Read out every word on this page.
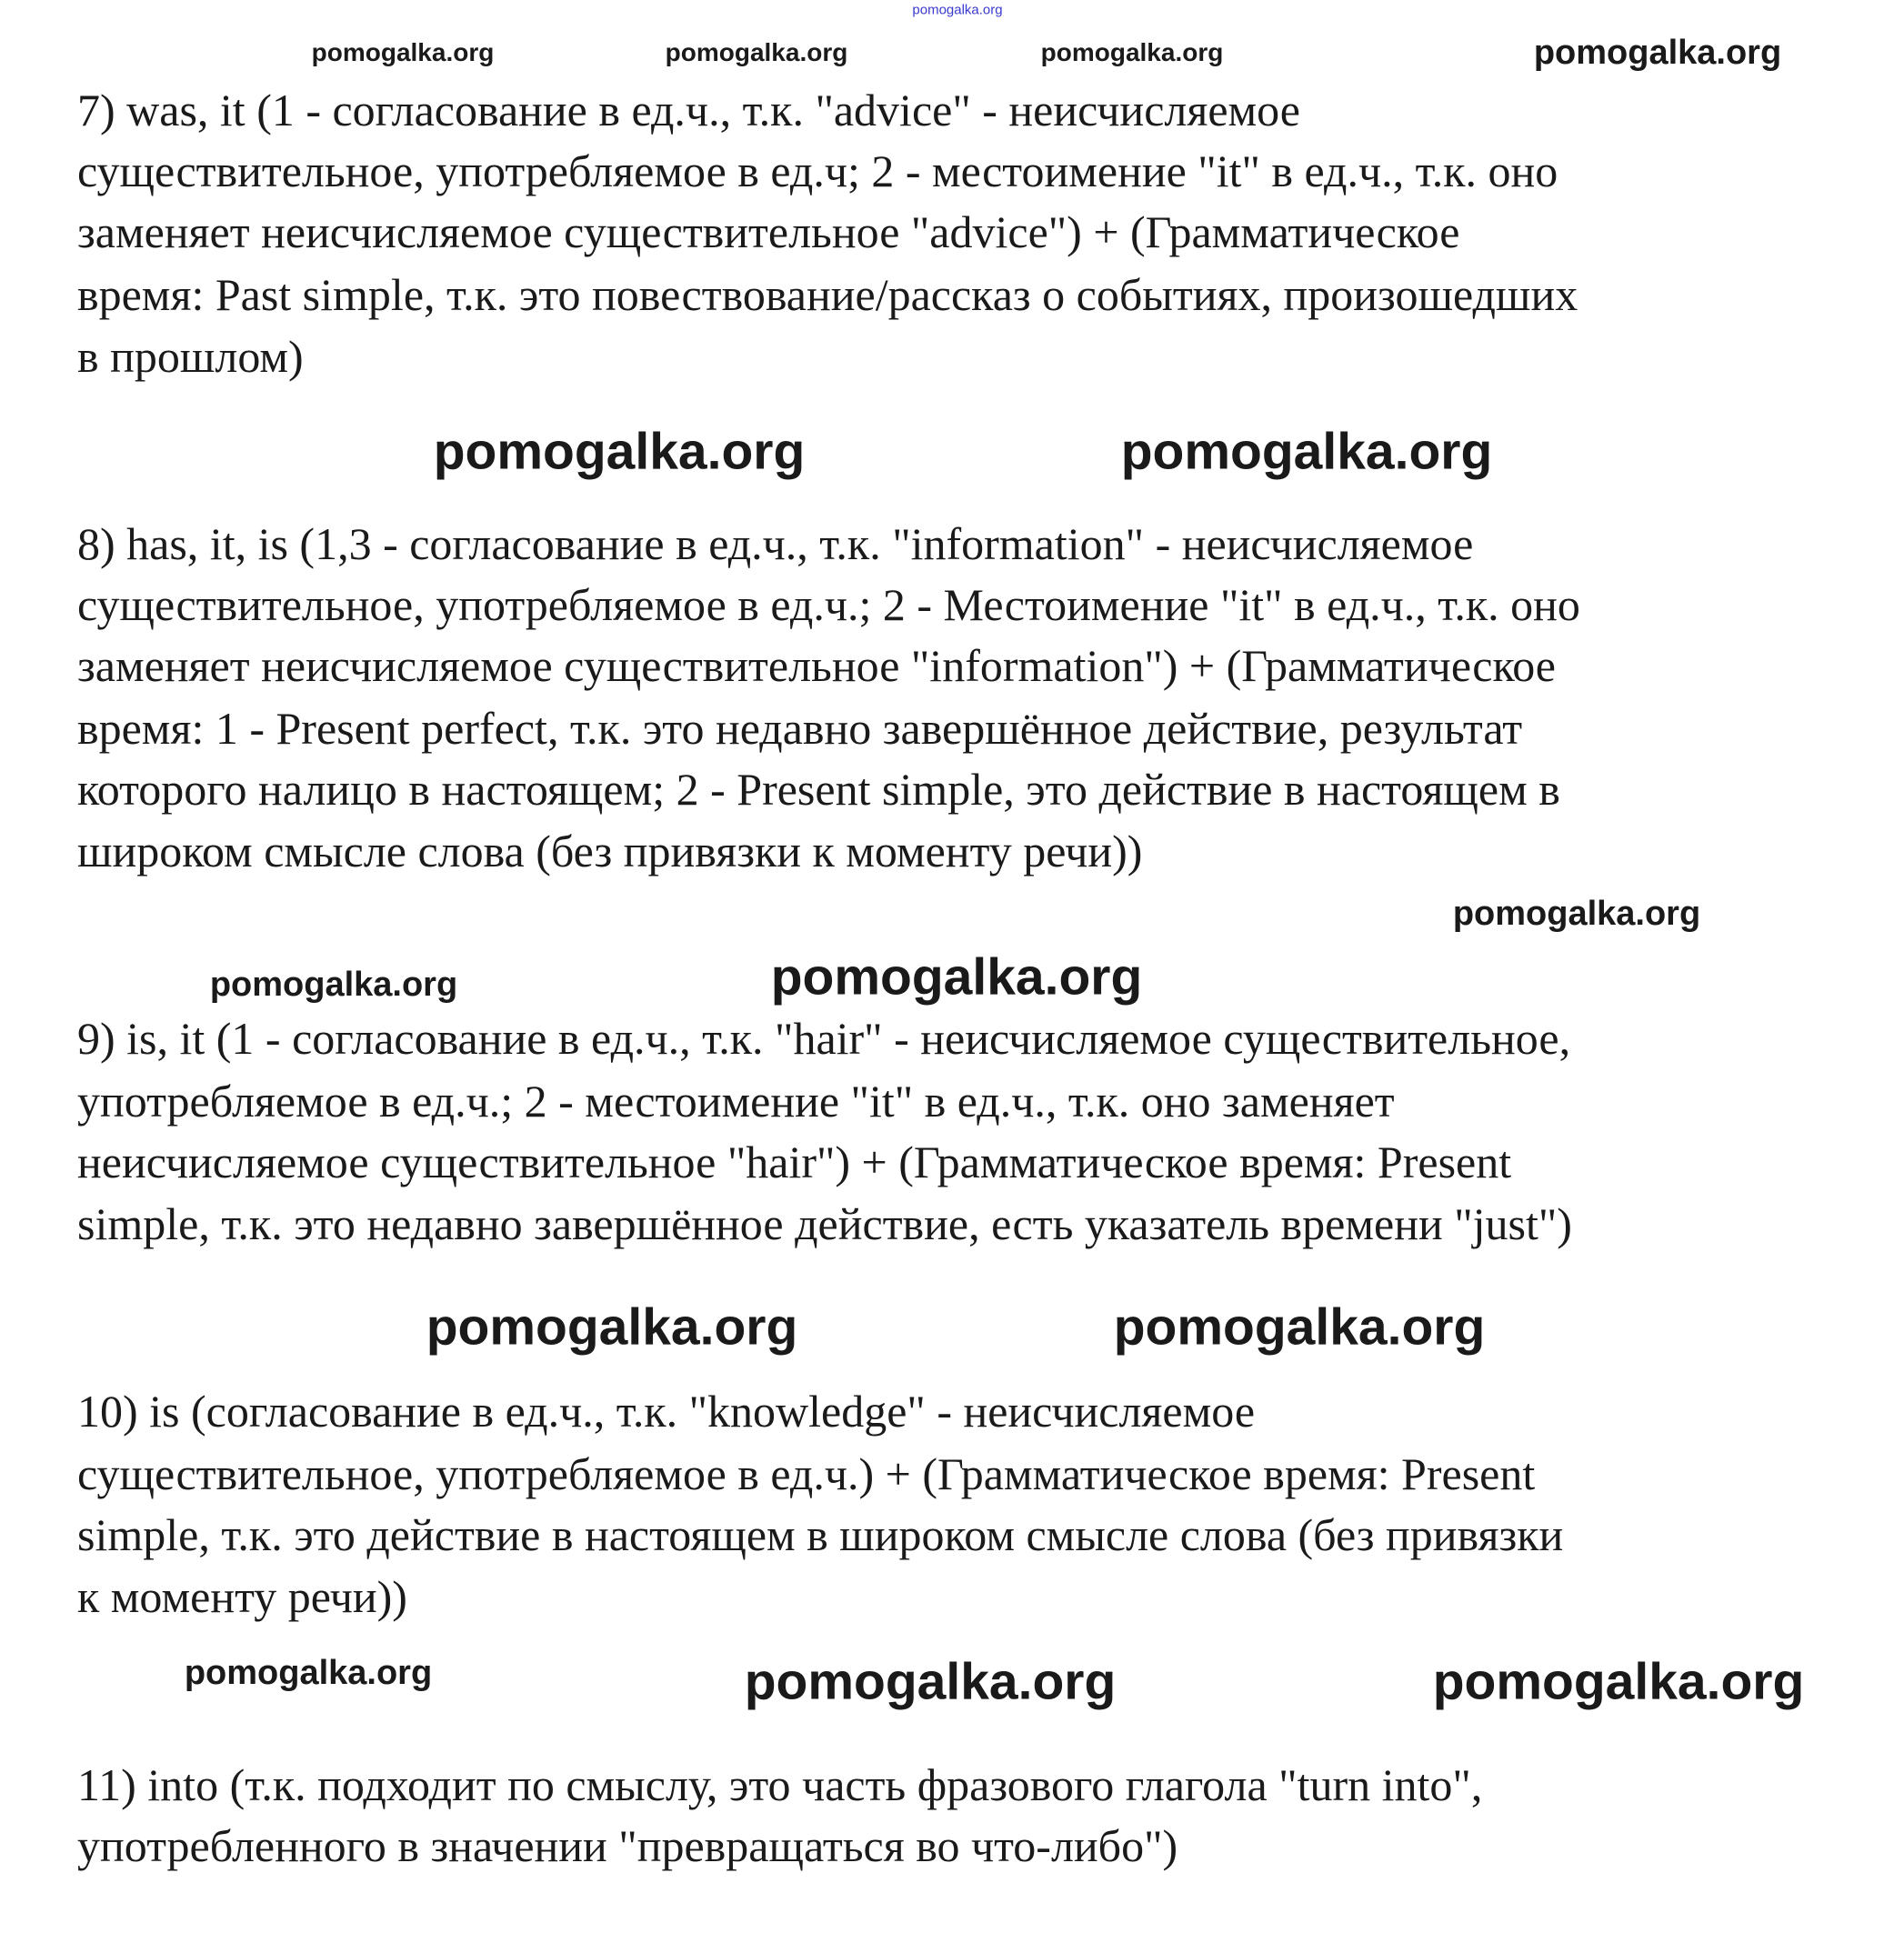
pomogalka.org
pomogalka.org	pomogalka.org	pomogalka.org	pomogalka.org
pomogalka.org	pomogalka.org
pomogalka.org
pomogalka.org	pomogalka.org
pomogalka.org	pomogalka.org
pomogalka.org	pomogalka.org	pomogalka.org
7) was, it (1 - согласование в ед.ч., т.к. "advice" - неисчисляемое
существительное, употребляемое в ед.ч; 2 - местоимение "it" в ед.ч., т.к. оно
заменяет неисчисляемое существительное "advice") + (Грамматическое
время: Past simple, т.к. это повествование/рассказ о событиях, произошедших
в прошлом)
8) has, it, is (1,3 - согласование в ед.ч., т.к. "information" - неисчисляемое
существительное, употребляемое в ед.ч.; 2 - Местоимение "it" в ед.ч., т.к. оно
заменяет неисчисляемое существительное "information") + (Грамматическое
время: 1 - Present perfect, т.к. это недавно завершённое действие, результат
которого налицо в настоящем; 2 - Present simple, это действие в настоящем в
широком смысле слова (без привязки к моменту речи))
9) is, it (1 - согласование в ед.ч., т.к. "hair" - неисчисляемое существительное,
употребляемое в ед.ч.; 2 - местоимение "it" в ед.ч., т.к. оно заменяет
неисчисляемое существительное "hair") + (Грамматическое время: Present
simple, т.к. это недавно завершённое действие, есть указатель времени "just")
10) is (согласование в ед.ч., т.к. "knowledge" - неисчисляемое
существительное, употребляемое в ед.ч.) + (Грамматическое время: Present
simple, т.к. это действие в настоящем в широком смысле слова (без привязки
к моменту речи))
11) into (т.к. подходит по смыслу, это часть фразового глагола "turn into",
употребленного в значении "превращаться во что-либо")
